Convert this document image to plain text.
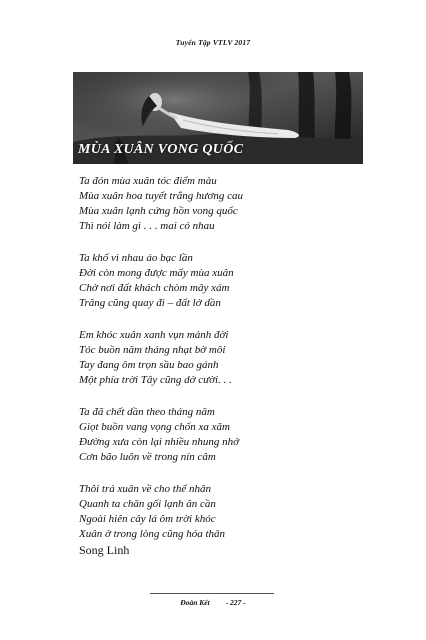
Tuyển Tập VTLV 2017
MÙA XUÂN VONG QUỐC
Ta đón mùa xuân tóc điểm màu
Mùa xuân hoa tuyết trắng hương cau
Mùa xuân lạnh cứng hồn vong quốc
Thì nói làm gì . . . mai có nhau
Ta khổ vì nhau áo bạc lần
Đời còn mong được mấy mùa xuân
Chờ nơi đất khách chòm mây xám
Trăng cũng quay đi – đất lở dần
Em khóc xuân xanh vụn mảnh đời
Tóc buồn năm tháng nhạt bờ môi
Tay đang ôm trọn sầu bao gánh
Một phía trời Tây cũng dở cười. . .
Ta đã chết dần theo tháng năm
Giọt buồn vang vọng chốn xa xăm
Đường xưa còn lại nhiều nhung nhớ
Cơn bão luôn về trong nín câm
Thôi trả xuân về cho thế nhân
Quanh ta chăn gối lạnh ân cần
Ngoài hiên cây lá ôm trời khóc
Xuân ở trong lòng cũng hóa thân
Song Linh
Đoàn Kết - 227 -
